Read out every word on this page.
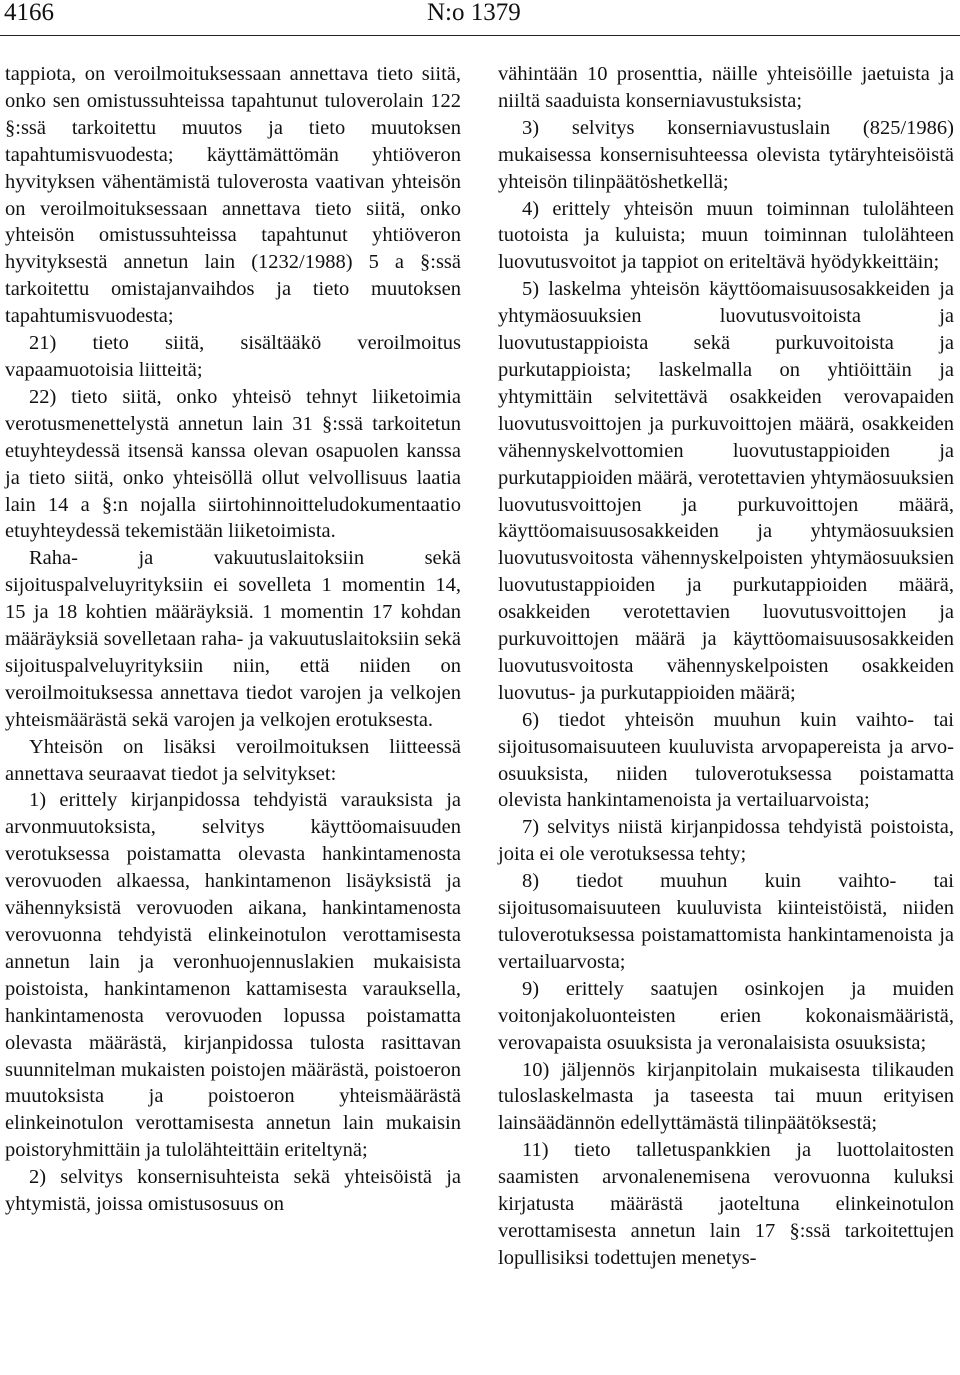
4166	N:o 1379

tappiota, on veroilmoituksessaan annettava tieto siitä, onko sen omistussuhteissa tapahtunut tuloverolain 122 §:ssä tarkoitettu muutos ja tieto muutoksen tapahtumisvuodesta; käyttämättömän yhtiöveron hyvityksen vähentämistä tuloverosta vaativan yhteisön on veroilmoituksessaan annettava tieto siitä, onko yhteisön omistussuhteissa tapahtunut yhtiöveron hyvityksestä annetun lain (1232/1988) 5 a §:ssä tarkoitettu omistajanvaihdos ja tieto muutoksen tapahtumisvuodesta;

21) tieto siitä, sisältääkö veroilmoitus vapaamuotoisia liitteitä;

22) tieto siitä, onko yhteisö tehnyt liiketoimia verotusmenettelystä annetun lain 31 §:ssä tarkoitetun etuyhteydessä itsensä kanssa olevan osapuolen kanssa ja tieto siitä, onko yhteisöllä ollut velvollisuus laatia lain 14 a §:n nojalla siirtohinnoitteludokumentaatio etuyhteydessä tekemistään liiketoimista.

Raha- ja vakuutuslaitoksiin sekä sijoituspalveluyrityksiin ei sovelleta 1 momentin 14, 15 ja 18 kohtien määräyksiä. 1 momentin 17 kohdan määräyksiä sovelletaan raha- ja vakuutuslaitoksiin sekä sijoituspalveluyrityksiin niin, että niiden on veroilmoituksessa annettava tiedot varojen ja velkojen yhteismäärästä sekä varojen ja velkojen erotuksesta.

Yhteisön on lisäksi veroilmoituksen liitteessä annettava seuraavat tiedot ja selvitykset:

1) erittely kirjanpidossa tehdyistä varauksista ja arvonmuutoksista, selvitys käyttöomaisuuden verotuksessa poistamatta olevasta hankintamenosta verovuoden alkaessa, hankintamenon lisäyksistä ja vähennyksistä verovuoden aikana, hankintamenosta verovuonna tehdyistä elinkeinotulon verottamisesta annetun lain ja veronhuojennuslakien mukaisista poistoista, hankintamenon kattamisesta varauksella, hankintamenosta verovuoden lopussa poistamatta olevasta määrästä, kirjanpidossa tulosta rasittavan suunnitelman mukaisten poistojen määrästä, poistoeron muutoksista ja poistoeron yhteismäärästä elinkeinotulon verottamisesta annetun lain mukaisin poistoryhmittäin ja tulolähteittäin eriteltynä;

2) selvitys konsernisuhteista sekä yhteisöistä ja yhtymistä, joissa omistusosuus on

vähintään 10 prosenttia, näille yhteisöille jaetuista ja niiltä saaduista konserniavustuksista;

3) selvitys konserniavustuslain (825/1986) mukaisessa konsernisuhteessa olevista tytäryhteisöistä yhteisön tilinpäätöshetkellä;

4) erittely yhteisön muun toiminnan tulolähteen tuotoista ja kuluista; muun toiminnan tulolähteen luovutusvoitot ja tappiot on eriteltävä hyödykkeittäin;

5) laskelma yhteisön käyttöomaisuusosakkeiden ja yhtymäosuuksien luovutusvoitoista ja luovutustappioista sekä purkuvoitoista ja purkutappioista; laskelmalla on yhtiöittäin ja yhtymittäin selvitettävä osakkeiden verovapaiden luovutusvoittojen ja purkuvoittojen määrä, osakkeiden vähennyskelvottomien luovutustappioiden ja purkutappioiden määrä, verotettavien yhtymäosuuksien luovutusvoittojen ja purkuvoittojen määrä, käyttöomaisuusosakkeiden ja yhtymäosuuksien luovutusvoitosta vähennyskelpoisten yhtymäosuuksien luovutustappioiden ja purkutappioiden määrä, osakkeiden verotettavien luovutusvoittojen ja purkuvoittojen määrä ja käyttöomaisuusosakkeiden luovutusvoitosta vähennyskelpoisten osakkeiden luovutus- ja purkutappioiden määrä;

6) tiedot yhteisön muuhun kuin vaihto- tai sijoitusomaisuuteen kuuluvista arvopapereista ja arvo-osuuksista, niiden tuloverotuksessa poistamatta olevista hankintamenoista ja vertailuarvoista;

7) selvitys niistä kirjanpidossa tehdyistä poistoista, joita ei ole verotuksessa tehty;

8) tiedot muuhun kuin vaihto- tai sijoitusomaisuuteen kuuluvista kiinteistöistä, niiden tuloverotuksessa poistamattomista hankintamenoista ja vertailuarvosta;

9) erittely saatujen osinkojen ja muiden voitonjakoluonteisten erien kokonaismääristä, verovapaista osuuksista ja veronalaisista osuuksista;

10) jäljennös kirjanpitolain mukaisesta tilikauden tuloslaskelmasta ja taseesta tai muun erityisen lainsäädännön edellyttämästä tilinpäätöksestä;

11) tieto talletuspankkien ja luottolaitosten saamisten arvonalenemisena verovuonna kuluksi kirjatusta määrästä jaoteltuna elinkeinotulon verottamisesta annetun lain 17 §:ssä tarkoitettujen lopullisiksi todettujen menetys-
